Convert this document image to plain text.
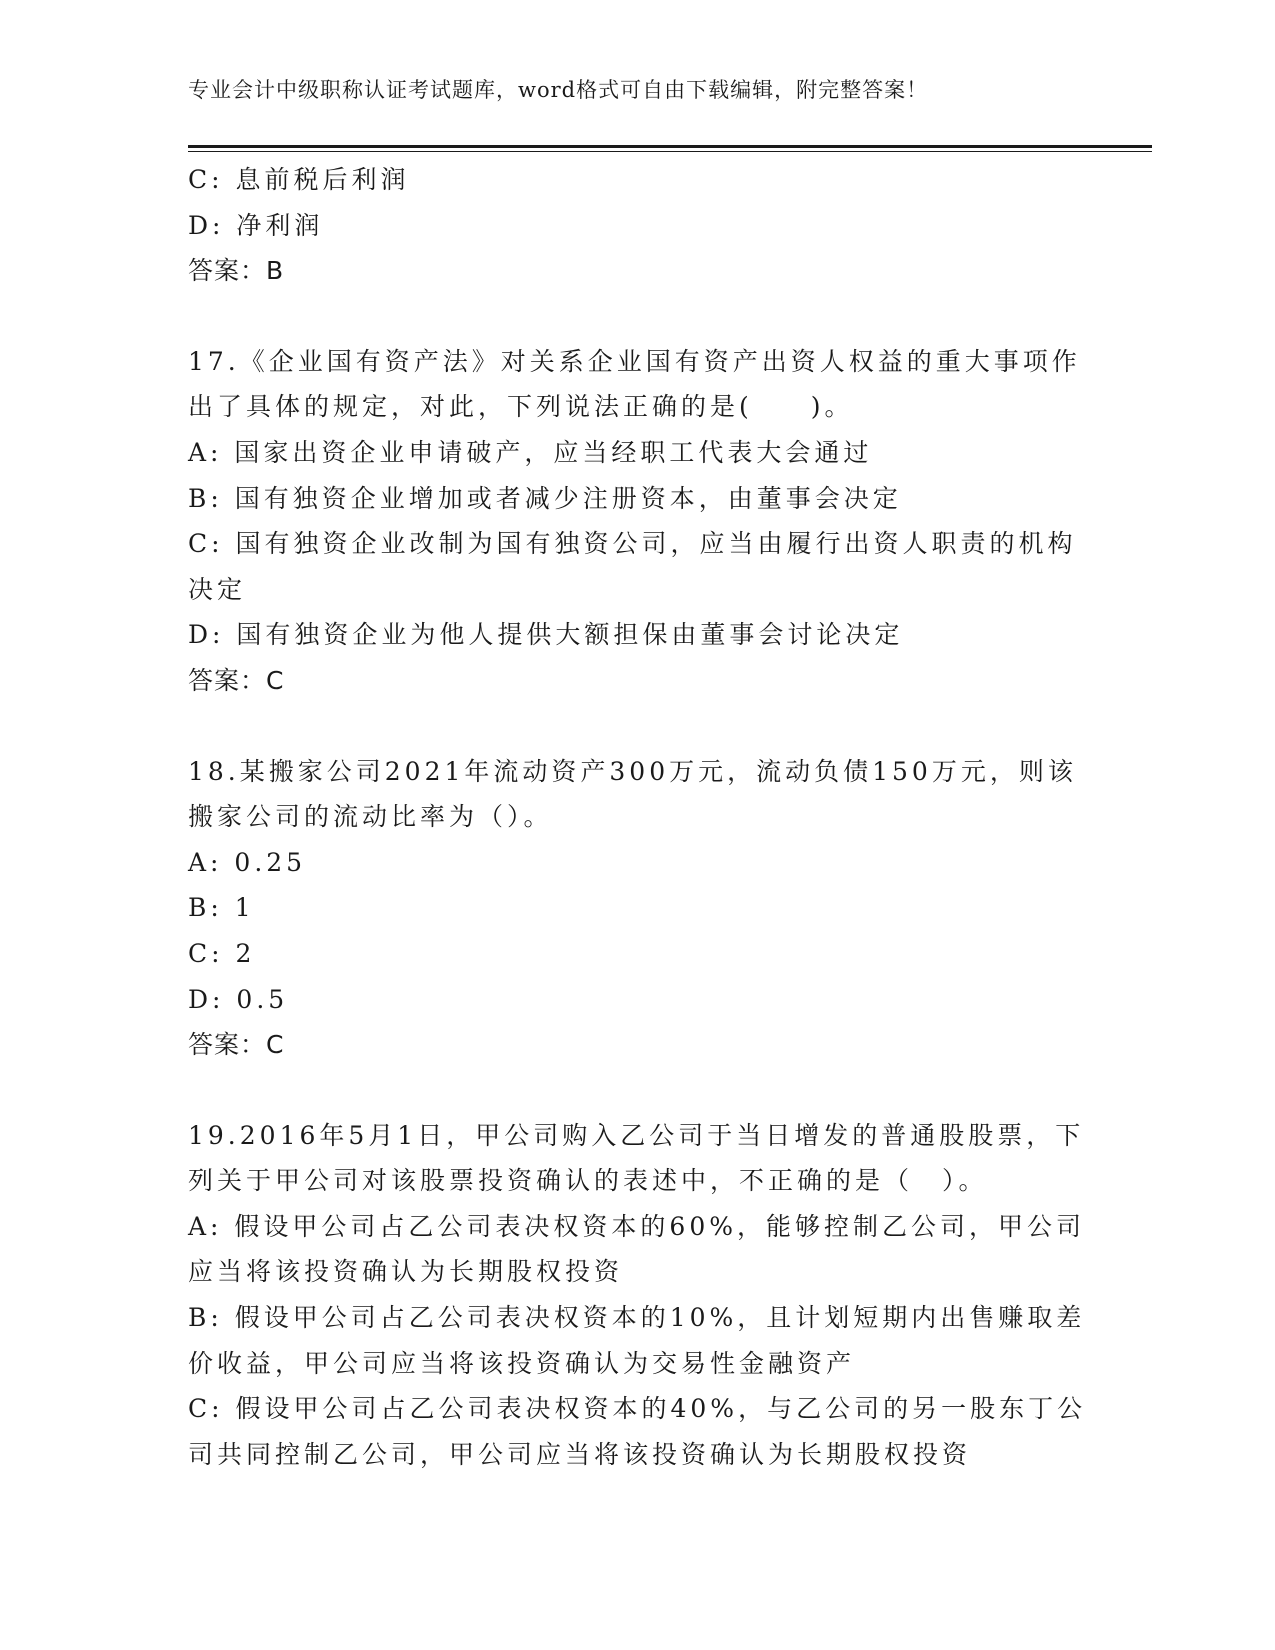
专业会计中级职称认证考试题库，word格式可自由下载编辑，附完整答案！
C: 息前税后利润
D: 净利润
答案：B
17.《企业国有资产法》对关系企业国有资产出资人权益的重大事项作
出了具体的规定，对此，下列说法正确的是(　　)。
A: 国家出资企业申请破产，应当经职工代表大会通过
B: 国有独资企业增加或者减少注册资本，由董事会决定
C: 国有独资企业改制为国有独资公司，应当由履行出资人职责的机构
决定
D: 国有独资企业为他人提供大额担保由董事会讨论决定
答案：C
18.某搬家公司2021年流动资产300万元，流动负债150万元，则该
搬家公司的流动比率为（）。
A: 0.25
B: 1
C: 2
D: 0.5
答案：C
19.2016年5月1日，甲公司购入乙公司于当日增发的普通股股票，下
列关于甲公司对该股票投资确认的表述中，不正确的是（　）。
A: 假设甲公司占乙公司表决权资本的60%，能够控制乙公司，甲公司
应当将该投资确认为长期股权投资
B: 假设甲公司占乙公司表决权资本的10%，且计划短期内出售赚取差
价收益，甲公司应当将该投资确认为交易性金融资产
C: 假设甲公司占乙公司表决权资本的40%，与乙公司的另一股东丁公
司共同控制乙公司，甲公司应当将该投资确认为长期股权投资
